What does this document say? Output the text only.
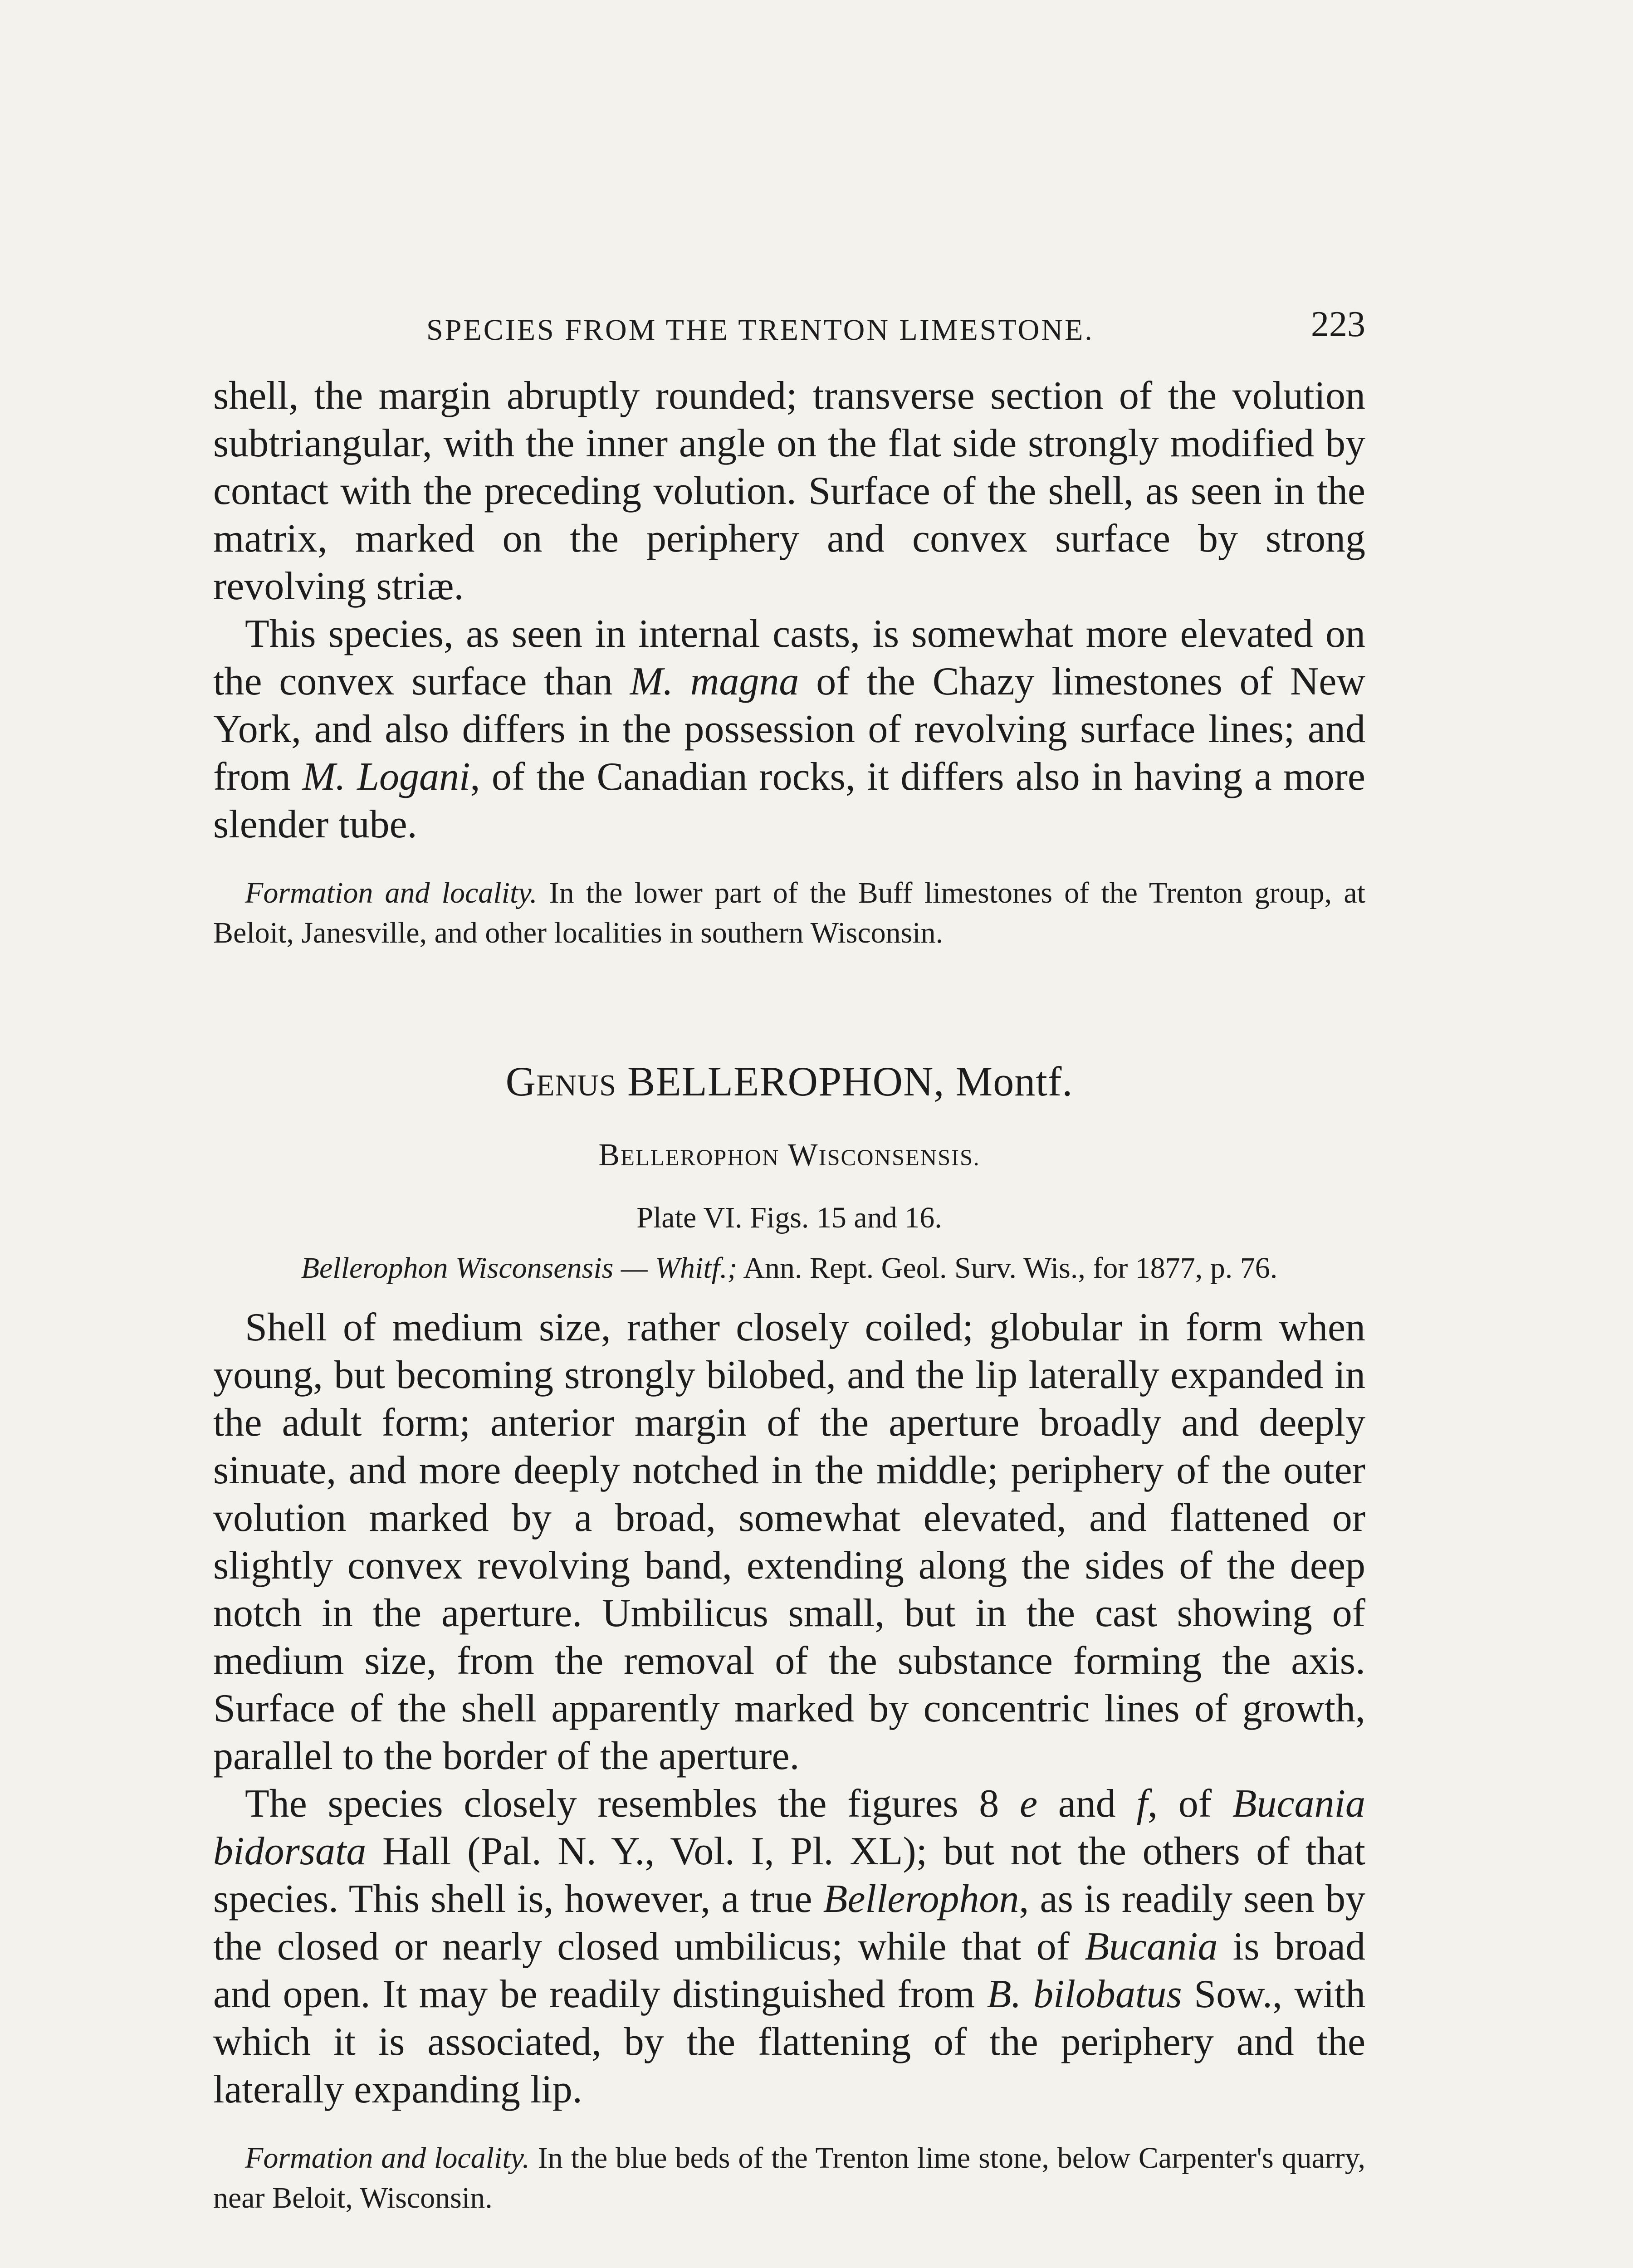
SPECIES FROM THE TRENTON LIMESTONE.	223

shell, the margin abruptly rounded; transverse section of the volution subtriangular, with the inner angle on the flat side strongly modified by contact with the preceding volution. Surface of the shell, as seen in the matrix, marked on the periphery and convex surface by strong revolving striæ.

This species, as seen in internal casts, is somewhat more elevated on the convex surface than M. magna of the Chazy limestones of New York, and also differs in the possession of revolving surface lines; and from M. Logani, of the Canadian rocks, it differs also in having a more slender tube.

Formation and locality. In the lower part of the Buff limestones of the Trenton group, at Beloit, Janesville, and other localities in southern Wisconsin.

GENUS BELLEROPHON, Montf.

BELLEROPHON WISCONSENSIS.

Plate VI. Figs. 15 and 16.

Bellerophon Wisconsensis — Whitf.; Ann. Rept. Geol. Surv. Wis., for 1877, p. 76.

Shell of medium size, rather closely coiled; globular in form when young, but becoming strongly bilobed, and the lip laterally expanded in the adult form; anterior margin of the aperture broadly and deeply sinuate, and more deeply notched in the middle; periphery of the outer volution marked by a broad, somewhat elevated, and flattened or slightly convex revolving band, extending along the sides of the deep notch in the aperture. Umbilicus small, but in the cast showing of medium size, from the removal of the substance forming the axis. Surface of the shell apparently marked by concentric lines of growth, parallel to the border of the aperture.

The species closely resembles the figures 8 e and f, of Bucania bidorsata Hall (Pal. N. Y., Vol. I, Pl. XL); but not the others of that species. This shell is, however, a true Bellerophon, as is readily seen by the closed or nearly closed umbilicus; while that of Bucania is broad and open. It may be readily distinguished from B. bilobatus Sow., with which it is associated, by the flattening of the periphery and the laterally expanding lip.

Formation and locality. In the blue beds of the Trenton lime stone, below Carpenter's quarry, near Beloit, Wisconsin.
